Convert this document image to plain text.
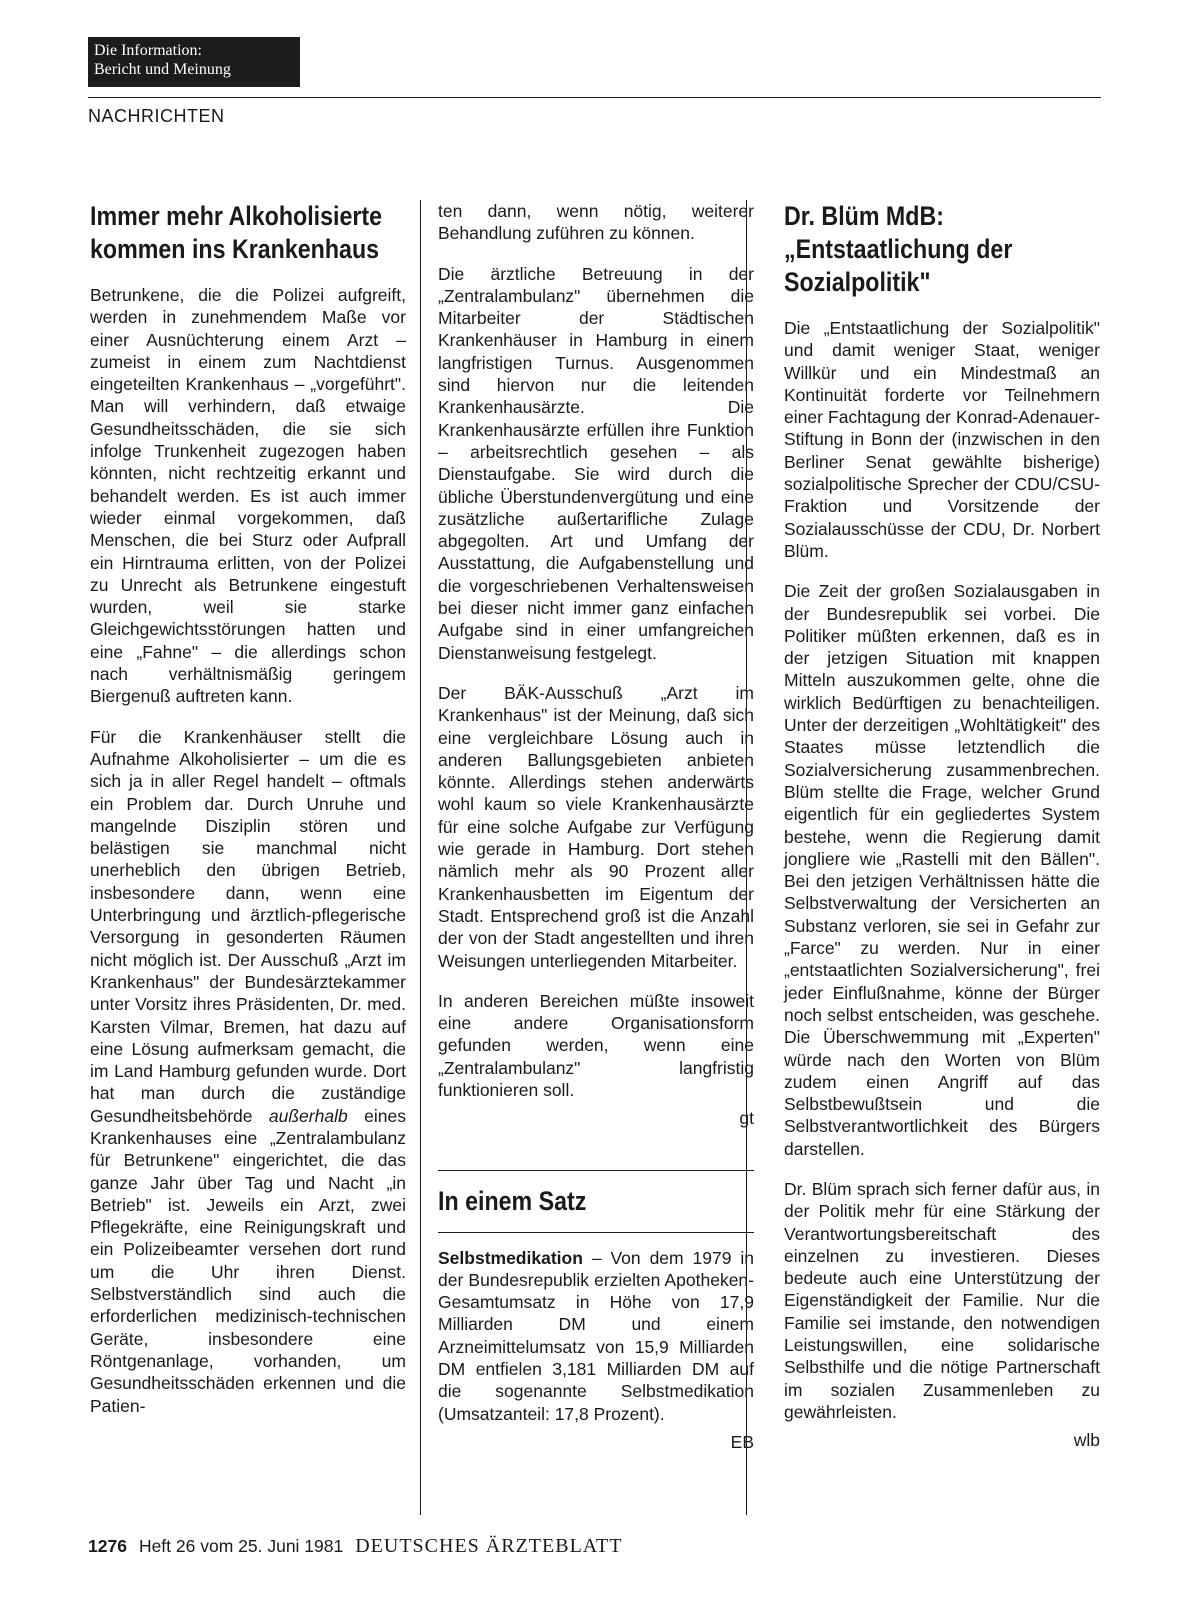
Die Information:
Bericht und Meinung
NACHRICHTEN
Immer mehr Alkoholisierte kommen ins Krankenhaus

Betrunkene, die die Polizei aufgreift, werden in zunehmendem Maße vor einer Ausnüchterung einem Arzt – zumeist in einem zum Nachtdienst eingeteilten Krankenhaus – „vorgeführt". Man will verhindern, daß etwaige Gesundheitsschäden, die sie sich infolge Trunkenheit zugezogen haben könnten, nicht rechtzeitig erkannt und behandelt werden. Es ist auch immer wieder einmal vorgekommen, daß Menschen, die bei Sturz oder Aufprall ein Hirntrauma erlitten, von der Polizei zu Unrecht als Betrunkene eingestuft wurden, weil sie starke Gleichgewichtsstörungen hatten und eine „Fahne" – die allerdings schon nach verhältnismäßig geringem Biergenuß auftreten kann.

Für die Krankenhäuser stellt die Aufnahme Alkoholisierter – um die es sich ja in aller Regel handelt – oftmals ein Problem dar. Durch Unruhe und mangelnde Disziplin stören und belästigen sie manchmal nicht unerheblich den übrigen Betrieb, insbesondere dann, wenn eine Unterbringung und ärztlich-pflegerische Versorgung in gesonderten Räumen nicht möglich ist. Der Ausschuß „Arzt im Krankenhaus" der Bundesärztekammer unter Vorsitz ihres Präsidenten, Dr. med. Karsten Vilmar, Bremen, hat dazu auf eine Lösung aufmerksam gemacht, die im Land Hamburg gefunden wurde. Dort hat man durch die zuständige Gesundheitsbehörde außerhalb eines Krankenhauses eine „Zentralambulanz für Betrunkene" eingerichtet, die das ganze Jahr über Tag und Nacht „in Betrieb" ist. Jeweils ein Arzt, zwei Pflegekräfte, eine Reinigungskraft und ein Polizeibeamter versehen dort rund um die Uhr ihren Dienst. Selbstverständlich sind auch die erforderlichen medizinisch-technischen Geräte, insbesondere eine Röntgenanlage, vorhanden, um Gesundheitsschäden erkennen und die Patien-

ten dann, wenn nötig, weiterer Behandlung zuführen zu können.

Die ärztliche Betreuung in der „Zentralambulanz" übernehmen die Mitarbeiter der Städtischen Krankenhäuser in Hamburg in einem langfristigen Turnus. Ausgenommen sind hiervon nur die leitenden Krankenhausärzte. Die Krankenhausärzte erfüllen ihre Funktion – arbeitsrechtlich gesehen – als Dienstaufgabe. Sie wird durch die übliche Überstundenvergütung und eine zusätzliche außertarifliche Zulage abgegolten. Art und Umfang der Ausstattung, die Aufgabenstellung und die vorgeschriebenen Verhaltensweisen bei dieser nicht immer ganz einfachen Aufgabe sind in einer umfangreichen Dienstanweisung festgelegt.

Der BÄK-Ausschuß „Arzt im Krankenhaus" ist der Meinung, daß sich eine vergleichbare Lösung auch in anderen Ballungsgebieten anbieten könnte. Allerdings stehen anderwärts wohl kaum so viele Krankenhausärzte für eine solche Aufgabe zur Verfügung wie gerade in Hamburg. Dort stehen nämlich mehr als 90 Prozent aller Krankenhausbetten im Eigentum der Stadt. Entsprechend groß ist die Anzahl der von der Stadt angestellten und ihren Weisungen unterliegenden Mitarbeiter.

In anderen Bereichen müßte insoweit eine andere Organisationsform gefunden werden, wenn eine „Zentralambulanz" langfristig funktionieren soll.

gt
In einem Satz

Selbstmedikation – Von dem 1979 in der Bundesrepublik erzielten Apotheken-Gesamtumsatz in Höhe von 17,9 Milliarden DM und einem Arzneimittelumsatz von 15,9 Milliarden DM entfielen 3,181 Milliarden DM auf die sogenannte Selbstmedikation (Umsatzanteil: 17,8 Prozent).

EB
Dr. Blüm MdB:
„Entstaatlichung der Sozialpolitik"

Die „Entstaatlichung der Sozialpolitik" und damit weniger Staat, weniger Willkür und ein Mindestmaß an Kontinuität forderte vor Teilnehmern einer Fachtagung der Konrad-Adenauer-Stiftung in Bonn der (inzwischen in den Berliner Senat gewählte bisherige) sozialpolitische Sprecher der CDU/CSU-Fraktion und Vorsitzende der Sozialausschüsse der CDU, Dr. Norbert Blüm.

Die Zeit der großen Sozialausgaben in der Bundesrepublik sei vorbei. Die Politiker müßten erkennen, daß es in der jetzigen Situation mit knappen Mitteln auszukommen gelte, ohne die wirklich Bedürftigen zu benachteiligen. Unter der derzeitigen „Wohltätigkeit" des Staates müsse letztendlich die Sozialversicherung zusammenbrechen. Blüm stellte die Frage, welcher Grund eigentlich für ein gegliedertes System bestehe, wenn die Regierung damit jongliere wie „Rastelli mit den Bällen". Bei den jetzigen Verhältnissen hätte die Selbstverwaltung der Versicherten an Substanz verloren, sie sei in Gefahr zur „Farce" zu werden. Nur in einer „entstaatlichten Sozialversicherung", frei jeder Einflußnahme, könne der Bürger noch selbst entscheiden, was geschehe. Die Überschwemmung mit „Experten" würde nach den Worten von Blüm zudem einen Angriff auf das Selbstbewußtsein und die Selbstverantwortlichkeit des Bürgers darstellen.

Dr. Blüm sprach sich ferner dafür aus, in der Politik mehr für eine Stärkung der Verantwortungsbereitschaft des einzelnen zu investieren. Dieses bedeute auch eine Unterstützung der Eigenständigkeit der Familie. Nur die Familie sei imstande, den notwendigen Leistungswillen, eine solidarische Selbsthilfe und die nötige Partnerschaft im sozialen Zusammenleben zu gewährleisten.

wlb
1276 Heft 26 vom 25. Juni 1981 DEUTSCHES ÄRZTEBLATT
